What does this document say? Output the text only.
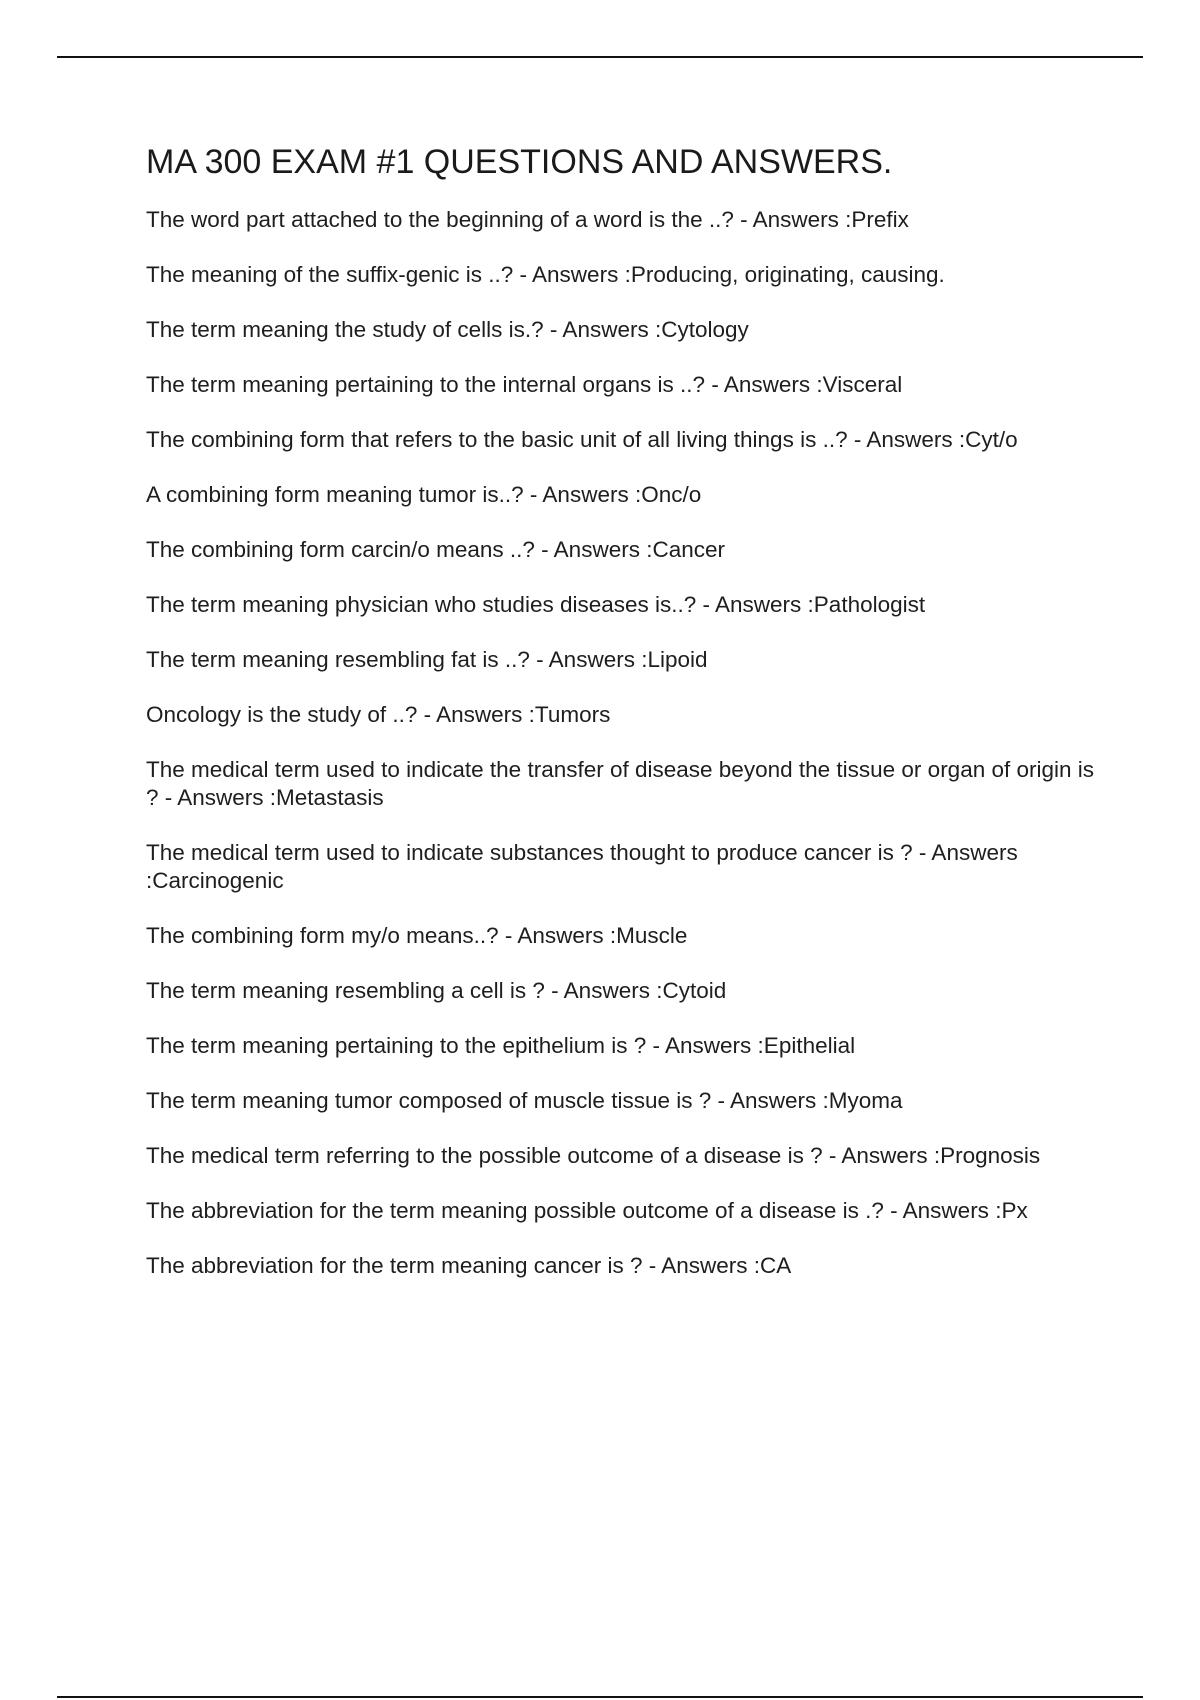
MA 300 EXAM #1 QUESTIONS AND ANSWERS.
The word part attached to the beginning of a word is the ..? - Answers :Prefix
The meaning of the suffix-genic is ..? - Answers :Producing, originating, causing.
The term meaning the study of cells is.? - Answers :Cytology
The term meaning pertaining to the internal organs is ..? - Answers :Visceral
The combining form that refers to the basic unit of all living things is ..? - Answers :Cyt/o
A combining form meaning tumor is..? - Answers :Onc/o
The combining form carcin/o means ..? - Answers :Cancer
The term meaning physician who studies diseases is..? - Answers :Pathologist
The term meaning resembling fat is ..? - Answers :Lipoid
Oncology is the study of ..? - Answers :Tumors
The medical term used to indicate the transfer of disease beyond the tissue or organ of origin is ? - Answers :Metastasis
The medical term used to indicate substances thought to produce cancer is ? - Answers :Carcinogenic
The combining form my/o means..? - Answers :Muscle
The term meaning resembling a cell is ? - Answers :Cytoid
The term meaning pertaining to the epithelium is ? - Answers :Epithelial
The term meaning tumor composed of muscle tissue is ? - Answers :Myoma
The medical term referring to the possible outcome of a disease is ? - Answers :Prognosis
The abbreviation for the term meaning possible outcome of a disease is .? - Answers :Px
The abbreviation for the term meaning cancer is ? - Answers :CA
